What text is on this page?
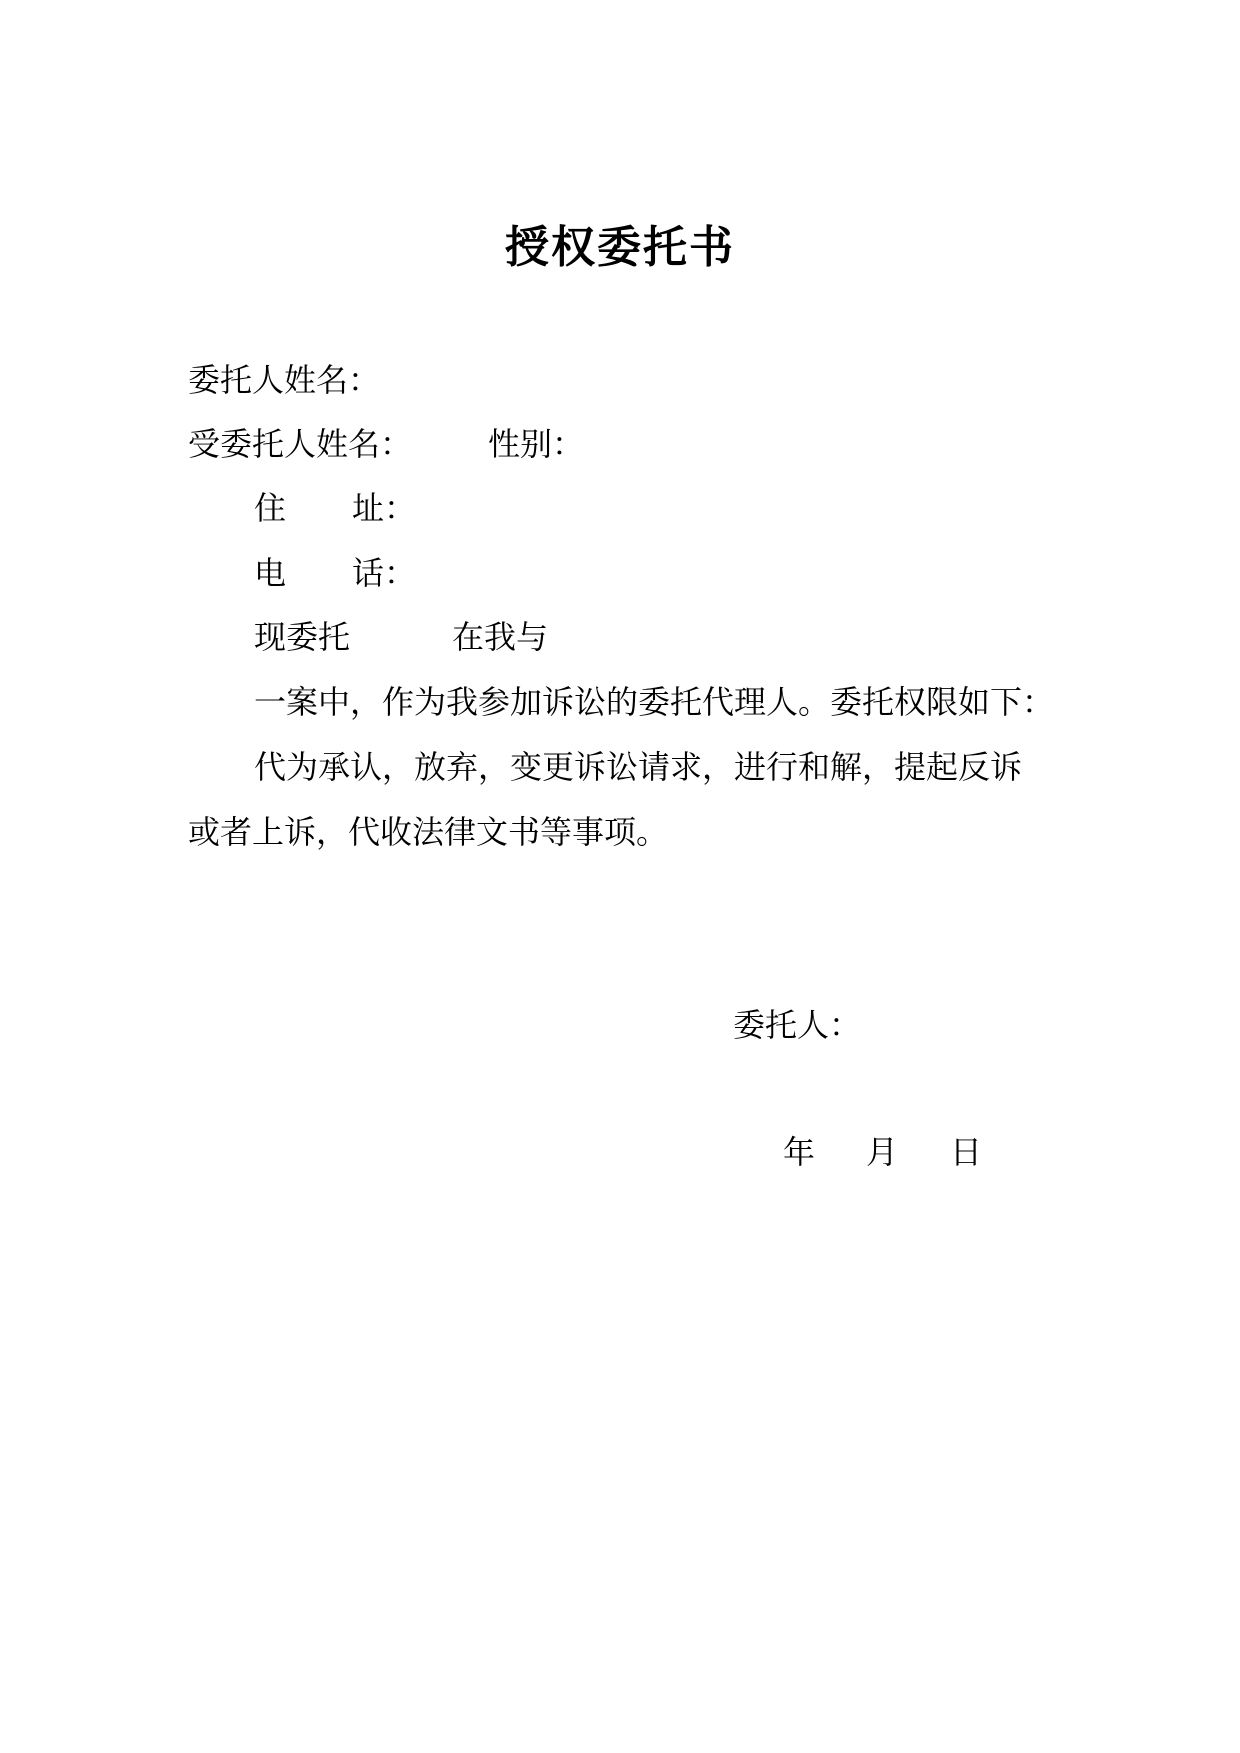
授权委托书
委托人姓名：
受委托人姓名： 性别：
住 址：
电 话：
现委托	在我与
一案中，作为我参加诉讼的委托代理人。委托权限如下：
代为承认，放弃，变更诉讼请求，进行和解，提起反诉
或者上诉，代收法律文书等事项。
委托人：
年 月 日
